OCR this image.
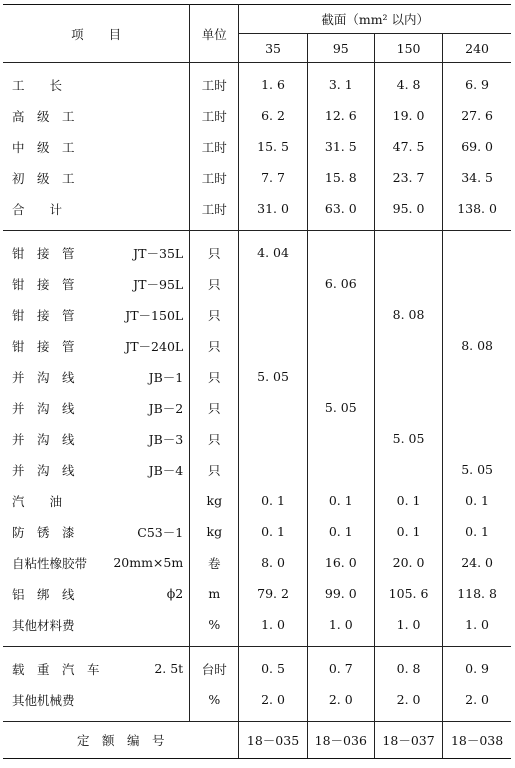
项　　目	单位	截面（mm² 以内）			
		35	95	150	240

工　　长	工时	1. 6	3. 1	4. 8	6. 9

高　级　工	工时	6. 2	12. 6	19. 0	27. 6

中　级　工	工时	15. 5	31. 5	47. 5	69. 0

初　级　工	工时	7. 7	15. 8	23. 7	34. 5

合　　计	工时	31. 0	63. 0	95. 0	138. 0

钳　接　管 JT－35L	只	4. 04			

钳　接　管 JT－95L	只		6. 06		

钳　接　管 JT－150L	只			8. 08	

钳　接　管 JT－240L	只				8. 08

并　沟　线 JB－1	只	5. 05			

并　沟　线 JB－2	只		5. 05		

并　沟　线 JB－3	只			5. 05	

并　沟　线 JB－4	只				5. 05

汽　　油	kg	0. 1	0. 1	0. 1	0. 1

防　锈　漆 C53－1	kg	0. 1	0. 1	0. 1	0. 1

自粘性橡胶带 20mm×5m	卷	8. 0	16. 0	20. 0	24. 0

铝　绑　线 ϕ2	m	79. 2	99. 0	105. 6	118. 8

其他材料费	%	1. 0	1. 0	1. 0	1. 0

载　重　汽　车 2. 5t	台时	0. 5	0. 7	0. 8	0. 9

其他机械费	%	2. 0	2. 0	2. 0	2. 0

定　额　编　号		18－035	18－036	18－037	18－038
